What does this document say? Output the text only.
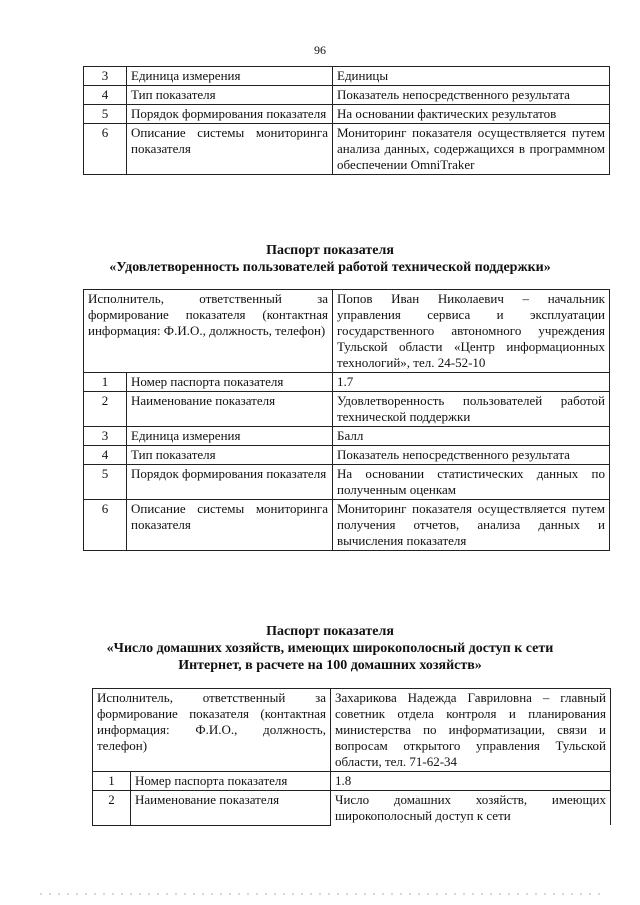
96
3	Единица измерения	Единицы
4	Тип показателя	Показатель непосредственного результата
5	Порядок формирования показателя	На основании фактических результатов
6	Описание системы мониторинга показателя	Мониторинг показателя осуществляется путем анализа данных, содержащихся в программном обеспечении OmniTraker
Паспорт показателя
«Удовлетворенность пользователей работой технической поддержки»
Исполнитель, ответственный за формирование показателя (контактная информация: Ф.И.О., должность, телефон)		Попов Иван Николаевич – начальник управления сервиса и эксплуатации государственного автономного учреждения Тульской области «Центр информационных технологий», тел. 24-52-10
1	Номер паспорта показателя	1.7
2	Наименование показателя	Удовлетворенность пользователей работой технической поддержки
3	Единица измерения	Балл
4	Тип показателя	Показатель непосредственного результата
5	Порядок формирования показателя	На основании статистических данных по полученным оценкам
6	Описание системы мониторинга показателя	Мониторинг показателя осуществляется путем получения отчетов, анализа данных и вычисления показателя
Паспорт показателя
«Число домашних хозяйств, имеющих широкополосный доступ к сети
Интернет, в расчете на 100 домашних хозяйств»
Исполнитель, ответственный за формирование показателя (контактная информация: Ф.И.О., должность, телефон)		Захарикова Надежда Гавриловна – главный советник отдела контроля и планирования министерства по информатизации, связи и вопросам открытого управления Тульской области, тел. 71-62-34
1	Номер паспорта показателя	1.8
2	Наименование показателя	Число домашних хозяйств, имеющих широкополосный доступ к сети
